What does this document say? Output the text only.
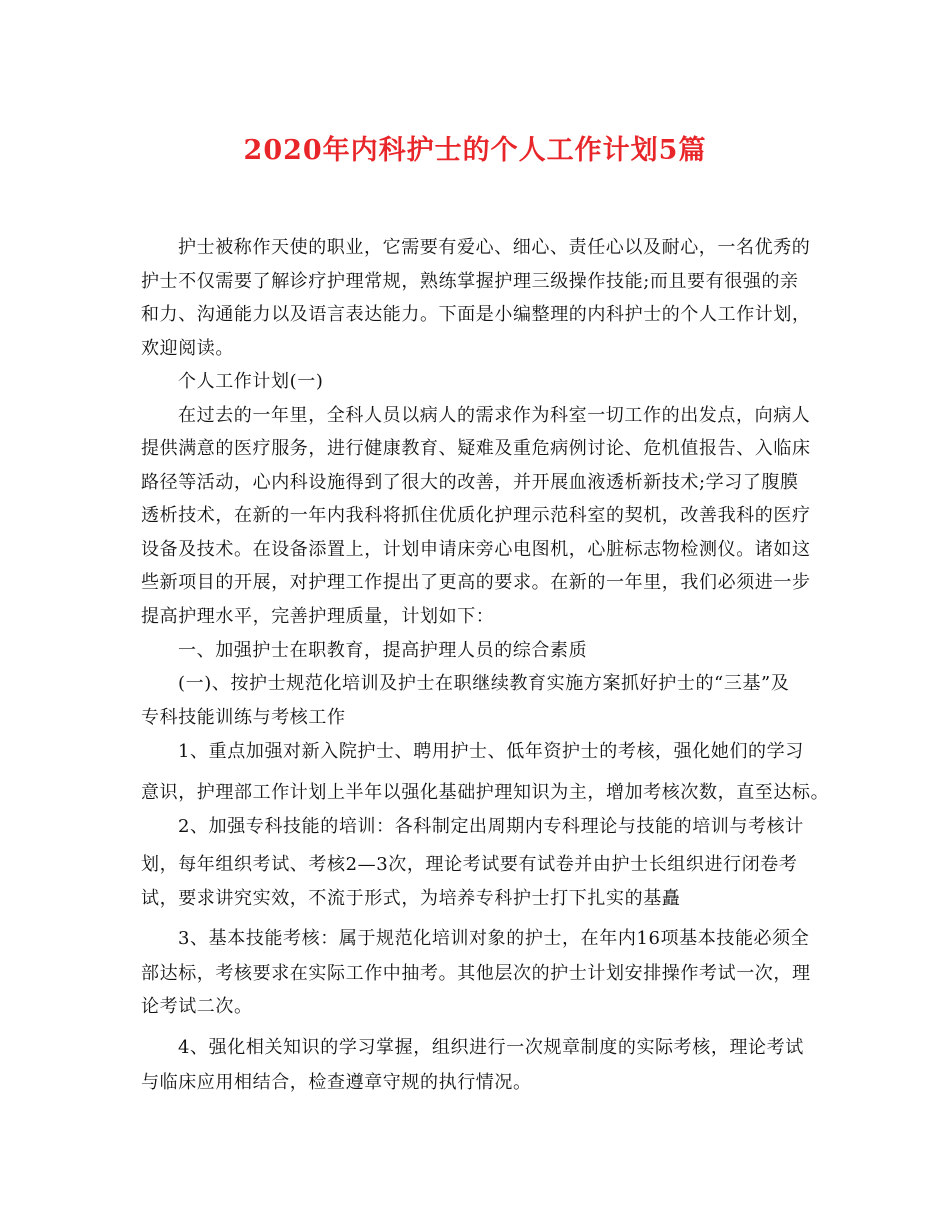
2020年内科护士的个人工作计划5篇
护士被称作天使的职业，它需要有爱心、细心、责任心以及耐心，一名优秀的
护士不仅需要了解诊疗护理常规，熟练掌握护理三级操作技能;而且要有很强的亲
和力、沟通能力以及语言表达能力。下面是小编整理的内科护士的个人工作计划，
欢迎阅读。
个人工作计划(一)
在过去的一年里，全科人员以病人的需求作为科室一切工作的出发点，向病人
提供满意的医疗服务，进行健康教育、疑难及重危病例讨论、危机值报告、入临床
路径等活动，心内科设施得到了很大的改善，并开展血液透析新技术;学习了腹膜
透析技术，在新的一年内我科将抓住优质化护理示范科室的契机，改善我科的医疗
设备及技术。在设备添置上，计划申请床旁心电图机，心脏标志物检测仪。诸如这
些新项目的开展，对护理工作提出了更高的要求。在新的一年里，我们必须进一步
提高护理水平，完善护理质量，计划如下：
一、加强护士在职教育，提高护理人员的综合素质
(一)、按护士规范化培训及护士在职继续教育实施方案抓好护士的“三基”及
专科技能训练与考核工作
1、重点加强对新入院护士、聘用护士、低年资护士的考核，强化她们的学习
意识，护理部工作计划上半年以强化基础护理知识为主，增加考核次数，直至达标。
2、加强专科技能的培训：各科制定出周期内专科理论与技能的培训与考核计
划，每年组织考试、考核2—3次，理论考试要有试卷并由护士长组织进行闭卷考
试，要求讲究实效，不流于形式，为培养专科护士打下扎实的基矗
3、基本技能考核：属于规范化培训对象的护士，在年内16项基本技能必须全
部达标，考核要求在实际工作中抽考。其他层次的护士计划安排操作考试一次，理
论考试二次。
4、强化相关知识的学习掌握，组织进行一次规章制度的实际考核，理论考试
与临床应用相结合，检查遵章守规的执行情况。
